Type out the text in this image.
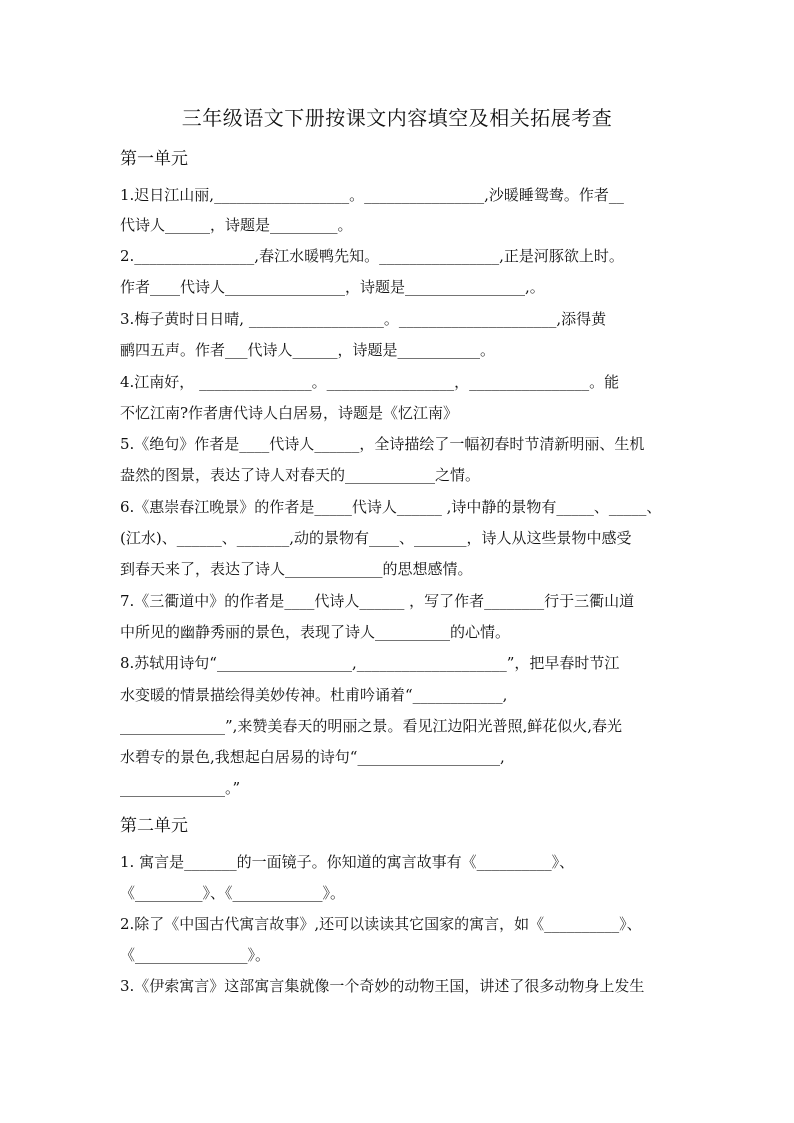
三年级语文下册按课文内容填空及相关拓展考查
第一单元
1.迟日江山丽,__________________。________________,沙暖睡鸳鸯。作者__
代诗人______，诗题是_________。
2.________________,春江水暖鸭先知。________________,正是河豚欲上时。
作者____代诗人________________，诗题是________________,。
3.梅子黄时日日晴, __________________。_____________________,添得黄
鹂四五声。作者___代诗人______，诗题是___________。
4.江南好， _______________。_________________，________________。能
不忆江南?作者唐代诗人白居易，诗题是《忆江南》
5.《绝句》作者是____代诗人______，全诗描绘了一幅初春时节清新明丽、生机
盎然的图景，表达了诗人对春天的____________之情。
6.《惠崇春江晚景》的作者是_____代诗人______ ,诗中静的景物有_____、_____、
(江水)、______、_______,动的景物有____、_______，诗人从这些景物中感受
到春天来了，表达了诗人_____________的思想感情。
7.《三衢道中》的作者是____代诗人______ ，写了作者________行于三衢山道
中所见的幽静秀丽的景色，表现了诗人__________的心情。
8.苏轼用诗句“__________________,____________________”，把早春时节江
水变暖的情景描绘得美妙传神。杜甫吟诵着“____________,
______________”,来赞美春天的明丽之景。看见江边阳光普照,鲜花似火,春光
水碧专的景色,我想起白居易的诗句“___________________,
______________。”
第二单元
1. 寓言是_______的一面镜子。你知道的寓言故事有《__________》、
《_________》、《____________》。
2.除了《中国古代寓言故事》,还可以读读其它国家的寓言，如《__________》、
《_______________》。
3.《伊索寓言》这部寓言集就像一个奇妙的动物王国，讲述了很多动物身上发生
